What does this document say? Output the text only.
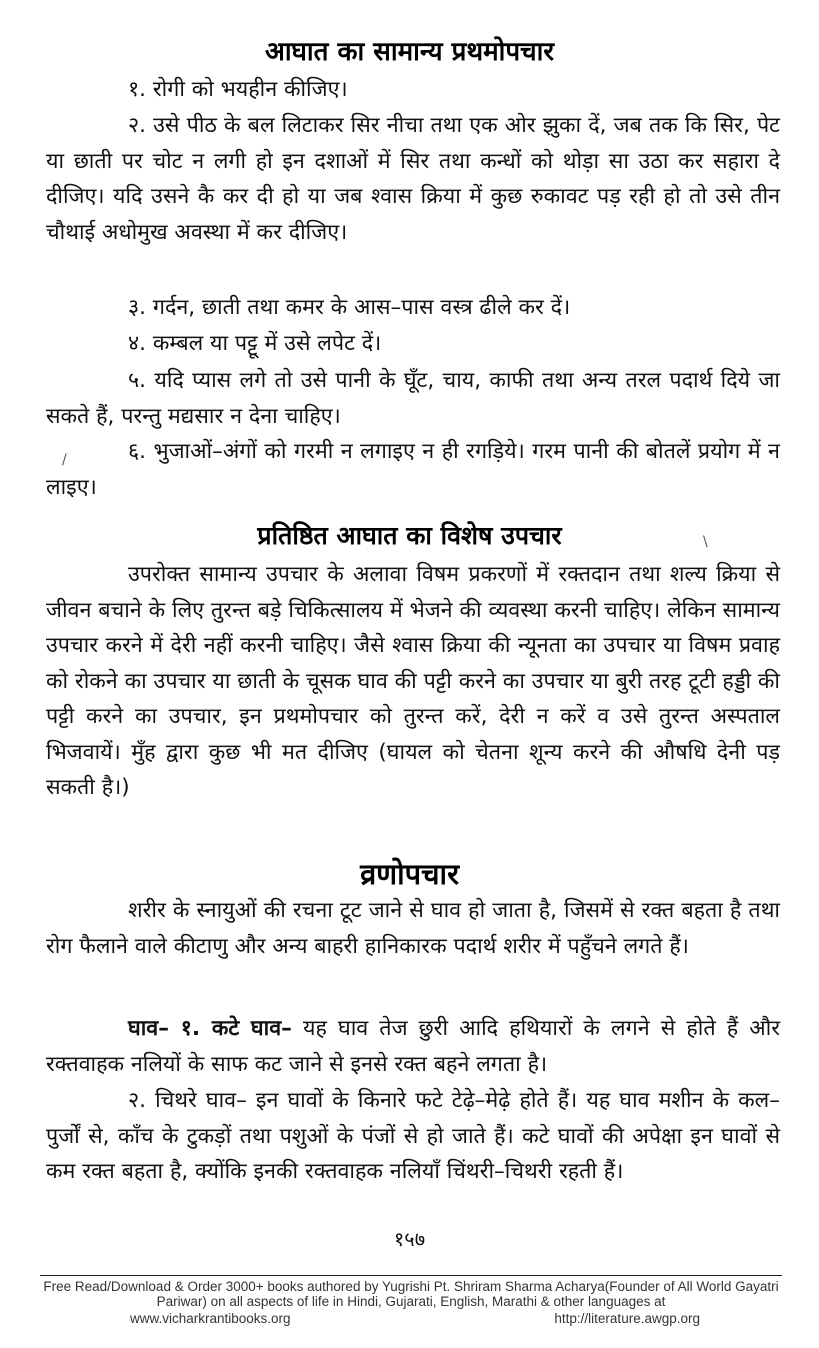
आघात का सामान्य प्रथमोपचार

१. रोगी को भयहीन कीजिए।

२. उसे पीठ के बल लिटाकर सिर नीचा तथा एक ओर झुका दें, जब तक कि सिर, पेट या छाती पर चोट न लगी हो इन दशाओं में सिर तथा कन्धों को थोड़ा सा उठा कर सहारा दे दीजिए। यदि उसने कै कर दी हो या जब श्वास क्रिया में कुछ रुकावट पड़ रही हो तो उसे तीन चौथाई अधोमुख अवस्था में कर दीजिए।

३. गर्दन, छाती तथा कमर के आस–पास वस्त्र ढीले कर दें।

४. कम्बल या पट्टू में उसे लपेट दें।

५. यदि प्यास लगे तो उसे पानी के घूँट, चाय, काफी तथा अन्य तरल पदार्थ दिये जा सकते हैं, परन्तु मद्यसार न देना चाहिए।

६. भुजाओं–अंगों को गरमी न लगाइए न ही रगड़िये। गरम पानी की बोतलें प्रयोग में न लाइए।

/
प्रतिष्ठित आघात का विशेष उपचार	\

उपरोक्त सामान्य उपचार के अलावा विषम प्रकरणों में रक्तदान तथा शल्य क्रिया से जीवन बचाने के लिए तुरन्त बड़े चिकित्सालय में भेजने की व्यवस्था करनी चाहिए। लेकिन सामान्य उपचार करने में देरी नहीं करनी चाहिए। जैसे श्वास क्रिया की न्यूनता का उपचार या विषम प्रवाह को रोकने का उपचार या छाती के चूसक घाव की पट्टी करने का उपचार या बुरी तरह टूटी हड्डी की पट्टी करने का उपचार, इन प्रथमोपचार को तुरन्त करें, देरी न करें व उसे तुरन्त अस्पताल भिजवायें। मुँह द्वारा कुछ भी मत दीजिए (घायल को चेतना शून्य करने की औषधि देनी पड़ सकती है।)

व्रणोपचार

शरीर के स्नायुओं की रचना टूट जाने से घाव हो जाता है, जिसमें से रक्त बहता है तथा रोग फैलाने वाले कीटाणु और अन्य बाहरी हानिकारक पदार्थ शरीर में पहुँचने लगते हैं।

घाव– १. कटे घाव– यह घाव तेज छुरी आदि हथियारों के लगने से होते हैं और रक्तवाहक नलियों के साफ कट जाने से इनसे रक्त बहने लगता है।

२. चिथरे घाव– इन घावों के किनारे फटे टेढ़े–मेढ़े होते हैं। यह घाव मशीन के कल–पुर्जों से, काँच के टुकड़ों तथा पशुओं के पंजों से हो जाते हैं। कटे घावों की अपेक्षा इन घावों से कम रक्त बहता है, क्योंकि इनकी रक्तवाहक नलियाँ चिंथरी–चिथरी रहती हैं।

१५७
Free Read/Download & Order 3000+ books authored by Yugrishi Pt. Shriram Sharma Acharya(Founder of All World Gayatri Pariwar) on all aspects of life in Hindi, Gujarati, English, Marathi & other languages at
www.vicharkrantibooks.org	http://literature.awgp.org
